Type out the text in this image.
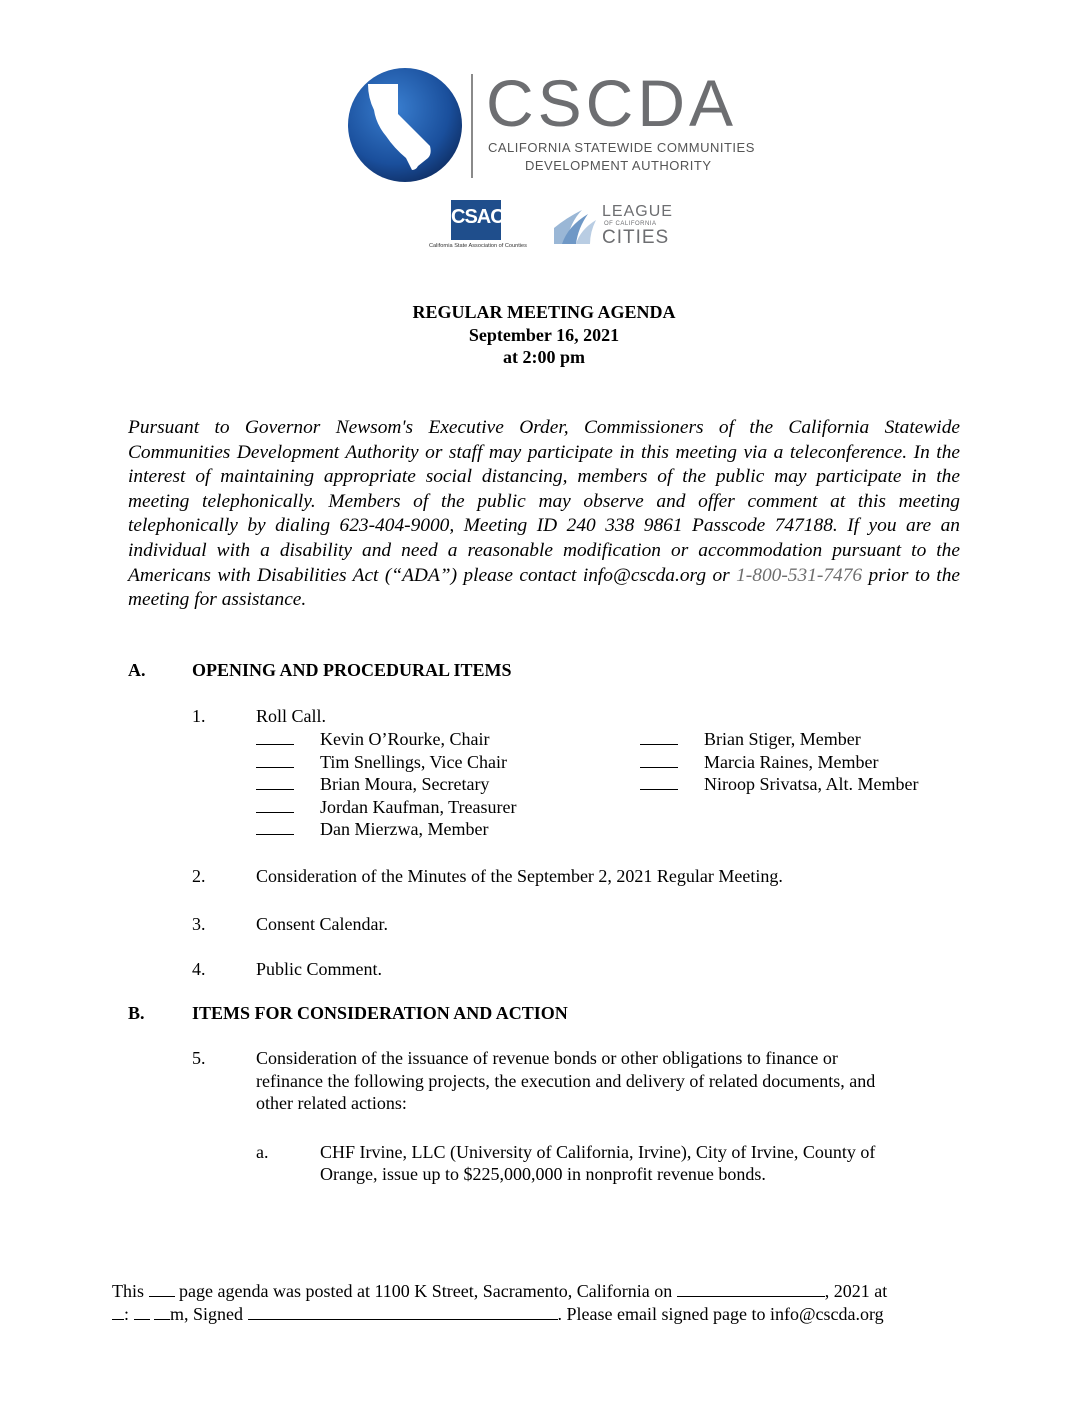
CSCDA
CALIFORNIA STATEWIDE COMMUNITIES
DEVELOPMENT AUTHORITY
CSAC
California State Association of Counties
LEAGUE
OF CALIFORNIA
CITIES
REGULAR MEETING AGENDA
September 16, 2021
at 2:00 pm

Pursuant to Governor Newsom's Executive Order, Commissioners of the California Statewide Communities Development Authority or staff may participate in this meeting via a teleconference. In the interest of maintaining appropriate social distancing, members of the public may participate in the meeting telephonically. Members of the public may observe and offer comment at this meeting telephonically by dialing 623-404-9000, Meeting ID 240 338 9861 Passcode 747188. If you are an individual with a disability and need a reasonable modification or accommodation pursuant to the Americans with Disabilities Act (“ADA”) please contact info@cscda.org or 1-800-531-7476 prior to the meeting for assistance.

A.	OPENING AND PROCEDURAL ITEMS
1.	Roll Call.
Kevin O’Rourke, Chair
Tim Snellings, Vice Chair
Brian Moura, Secretary
Jordan Kaufman, Treasurer
Dan Mierzwa, Member
Brian Stiger, Member
Marcia Raines, Member
Niroop Srivatsa, Alt. Member
2.	Consideration of the Minutes of the September 2, 2021 Regular Meeting.
3.	Consent Calendar.
4.	Public Comment.
B.	ITEMS FOR CONSIDERATION AND ACTION
5.	Consideration of the issuance of revenue bonds or other obligations to finance or
refinance the following projects, the execution and delivery of related documents, and
other related actions:
a.	CHF Irvine, LLC (University of California, Irvine), City of Irvine, County of
Orange, issue up to $225,000,000 in nonprofit revenue bonds.
This page agenda was posted at 1100 K Street, Sacramento, California on	, 2021 at
: m, Signed	. Please email signed page to info@cscda.org
